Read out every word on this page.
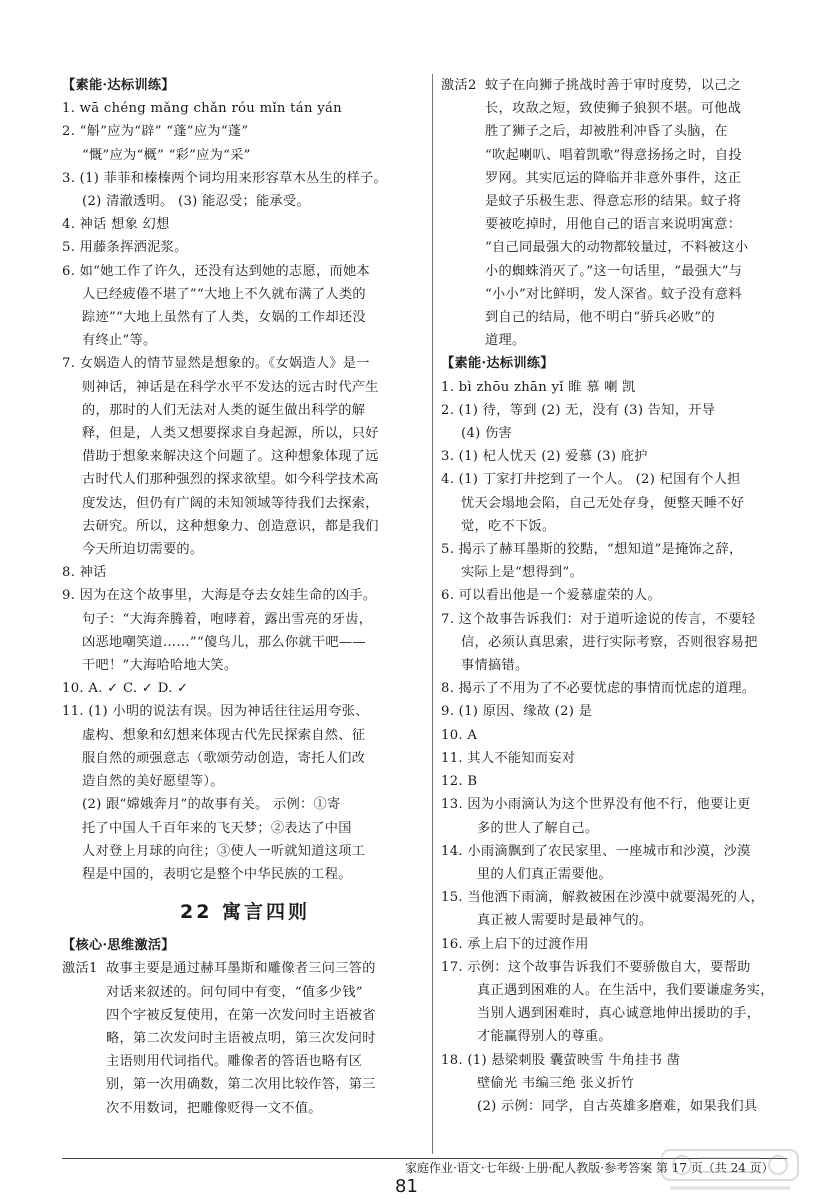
【素能·达标训练】
1. wā chéng mǎng chǎn róu mǐn tán yán
2. “斛”应为“辟” “蓬”应为“蓬”
“慨”应为“概” “彩”应为“采”
3. (1) 菲菲和榛榛两个词均用来形容草木丛生的样子。
(2) 清澈透明。 (3) 能忍受；能承受。
4. 神话 想象 幻想
5. 用藤条挥洒泥浆。
6. 如“她工作了许久，还没有达到她的志愿，而她本
人已经疲倦不堪了”“大地上不久就布满了人类的
踪迹”“大地上虽然有了人类，女娲的工作却还没
有终止”等。
7. 女娲造人的情节显然是想象的。《女娲造人》是一
则神话，神话是在科学水平不发达的远古时代产生
的，那时的人们无法对人类的诞生做出科学的解
释，但是，人类又想要探求自身起源，所以，只好
借助于想象来解决这个问题了。这种想象体现了远
古时代人们那种强烈的探求欲望。如今科学技术高
度发达，但仍有广阔的未知领域等待我们去探索，
去研究。所以，这种想象力、创造意识，都是我们
今天所迫切需要的。
8. 神话
9. 因为在这个故事里，大海是夺去女娃生命的凶手。
句子：“大海奔腾着，咆哮着，露出雪亮的牙齿，
凶恶地嘲笑道……”“傻鸟儿，那么你就干吧——
干吧！”大海哈哈地大笑。
10. A. ✓ C. ✓ D. ✓
11. (1) 小明的说法有误。因为神话往往运用夸张、
虚构、想象和幻想来体现古代先民探索自然、征
服自然的顽强意志（歌颂劳动创造，寄托人们改
造自然的美好愿望等）。
(2) 跟“嫦娥奔月”的故事有关。 示例：①寄
托了中国人千百年来的飞天梦；②表达了中国
人对登上月球的向往；③使人一听就知道这项工
程是中国的，表明它是整个中华民族的工程。
22 寓言四则
【核心·思维激活】
激活1 故事主要是通过赫耳墨斯和雕像者三问三答的
对话来叙述的。问句同中有变，“值多少钱”
四个字被反复使用，在第一次发问时主语被省
略，第二次发问时主语被点明，第三次发问时
主语则用代词指代。雕像者的答语也略有区
别，第一次用确数，第二次用比较作答，第三
次不用数词，把雕像贬得一文不值。
激活2 蚊子在向狮子挑战时善于审时度势，以己之
长，攻敌之短，致使狮子狼狈不堪。可他战
胜了狮子之后，却被胜利冲昏了头脑，在
“吹起喇叭、唱着凯歌”得意扬扬之时，自投
罗网。其实厄运的降临并非意外事件，这正
是蚊子乐极生悲、得意忘形的结果。蚊子将
要被吃掉时，用他自己的语言来说明寓意：
“自己同最强大的动物都较量过，不料被这小
小的蜘蛛消灭了。”这一句话里，“最强大”与
“小小”对比鲜明，发人深省。蚊子没有意料
到自己的结局，他不明白“骄兵必败”的
道理。
【素能·达标训练】
1. bì zhōu zhān yǐ 睢 慕 喇 凯
2. (1) 待，等到 (2) 无，没有 (3) 告知，开导
(4) 伤害
3. (1) 杞人忧天 (2) 爱慕 (3) 庇护
4. (1) 丁家打井挖到了一个人。 (2) 杞国有个人担
忧天会塌地会陷，自己无处存身，便整天睡不好
觉，吃不下饭。
5. 揭示了赫耳墨斯的狡黠，“想知道”是掩饰之辞，
实际上是“想得到”。
6. 可以看出他是一个爱慕虚荣的人。
7. 这个故事告诉我们：对于道听途说的传言，不要轻
信，必须认真思索，进行实际考察，否则很容易把
事情搞错。
8. 揭示了不用为了不必要忧虑的事情而忧虑的道理。
9. (1) 原因、缘故 (2) 是
10. A
11. 其人不能知而妄对
12. B
13. 因为小雨滴认为这个世界没有他不行，他要让更
多的世人了解自己。
14. 小雨滴飘到了农民家里、一座城市和沙漠，沙漠
里的人们真正需要他。
15. 当他洒下雨滴，解救被困在沙漠中就要渴死的人，
真正被人需要时是最神气的。
16. 承上启下的过渡作用
17. 示例：这个故事告诉我们不要骄傲自大，要帮助
真正遇到困难的人。在生活中，我们要谦虚务实，
当别人遇到困难时，真心诚意地伸出援助的手，
才能赢得别人的尊重。
18. (1) 悬梁刺股 囊萤映雪 牛角挂书 凿
壁偷光 韦编三绝 张义折竹
(2) 示例：同学，自古英雄多磨难，如果我们具
家庭作业·语文·七年级·上册·配人教版·参考答案 第 17 页（共 24 页）
81
